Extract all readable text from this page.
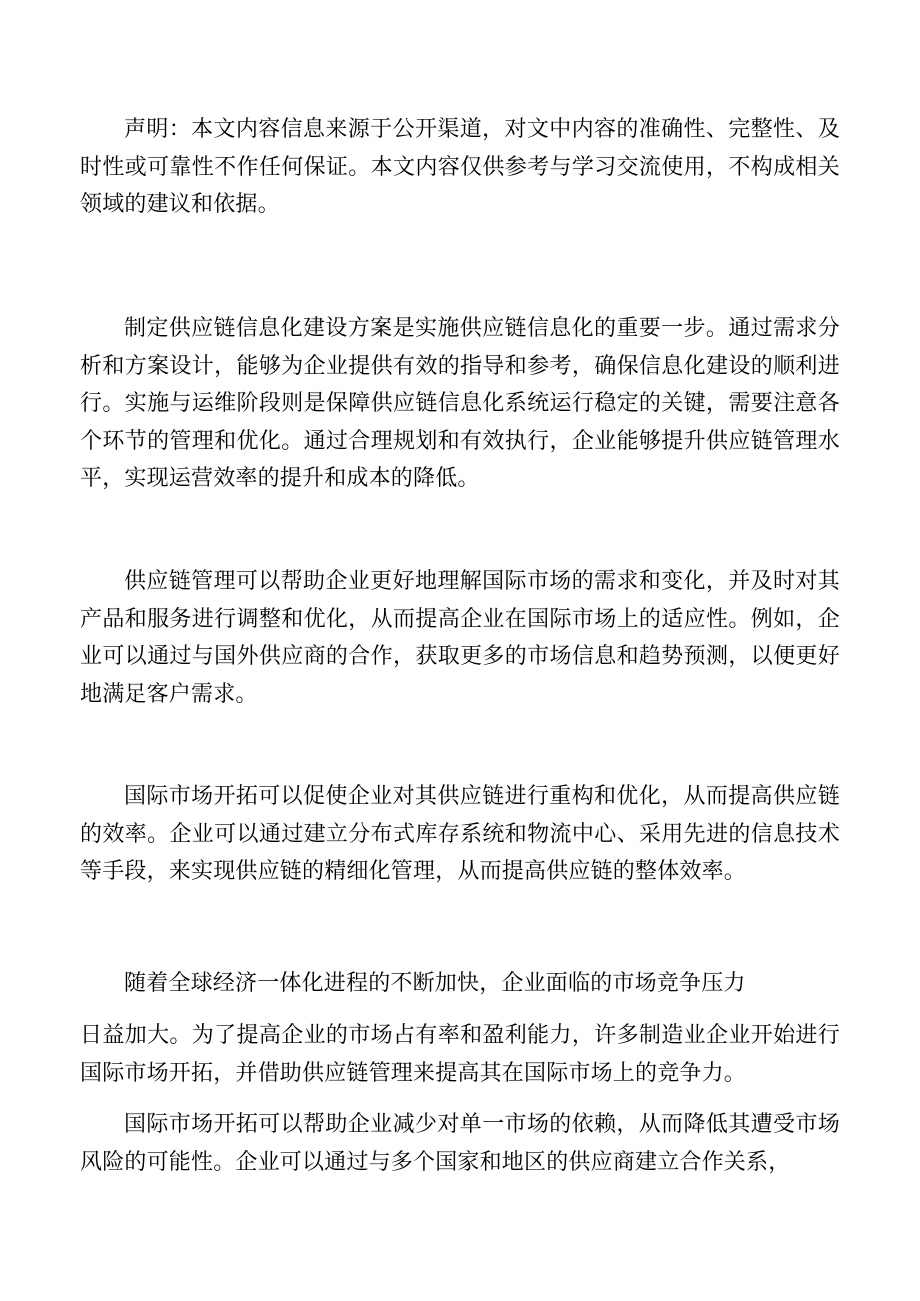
声明：本文内容信息来源于公开渠道，对文中内容的准确性、完整性、及时性或可靠性不作任何保证。本文内容仅供参考与学习交流使用，不构成相关领域的建议和依据。

制定供应链信息化建设方案是实施供应链信息化的重要一步。通过需求分析和方案设计，能够为企业提供有效的指导和参考，确保信息化建设的顺利进行。实施与运维阶段则是保障供应链信息化系统运行稳定的关键，需要注意各个环节的管理和优化。通过合理规划和有效执行，企业能够提升供应链管理水平，实现运营效率的提升和成本的降低。

供应链管理可以帮助企业更好地理解国际市场的需求和变化，并及时对其产品和服务进行调整和优化，从而提高企业在国际市场上的适应性。例如，企业可以通过与国外供应商的合作，获取更多的市场信息和趋势预测，以便更好地满足客户需求。

国际市场开拓可以促使企业对其供应链进行重构和优化，从而提高供应链的效率。企业可以通过建立分布式库存系统和物流中心、采用先进的信息技术等手段，来实现供应链的精细化管理，从而提高供应链的整体效率。

随着全球经济一体化进程的不断加快，企业面临的市场竞争压力

日益加大。为了提高企业的市场占有率和盈利能力，许多制造业企业开始进行国际市场开拓，并借助供应链管理来提高其在国际市场上的竞争力。

国际市场开拓可以帮助企业减少对单一市场的依赖，从而降低其遭受市场风险的可能性。企业可以通过与多个国家和地区的供应商建立合作关系，
